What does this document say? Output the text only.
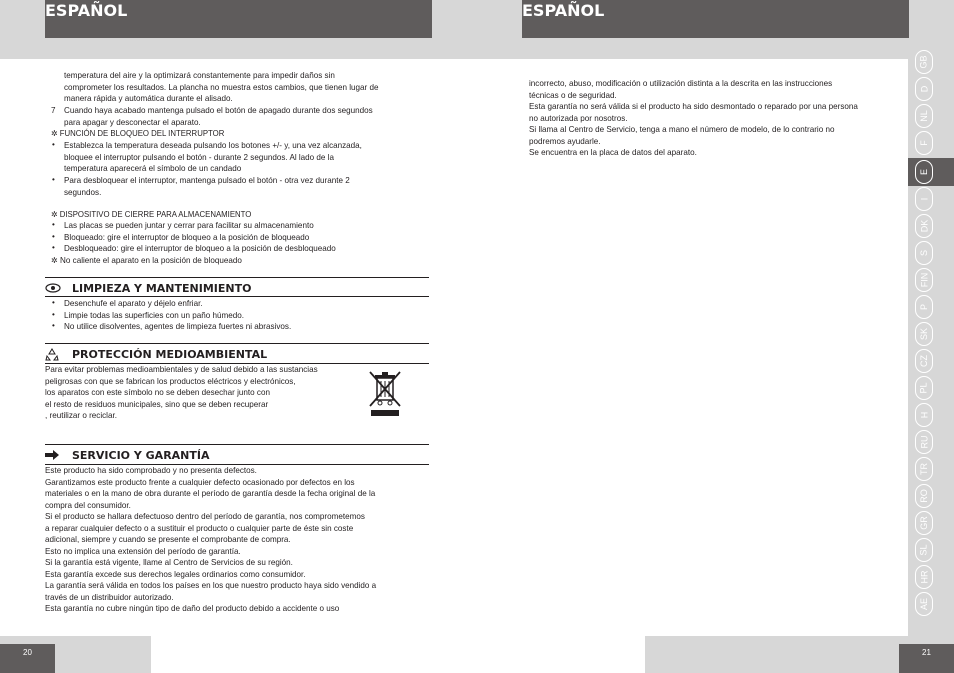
ESPAÑOL
20

temperatura del aire y la optimizará constantemente para impedir daños sin

comprometer los resultados. La plancha no muestra estos cambios, que tienen lugar de

manera rápida y automática durante el alisado.

7 Cuando haya acabado mantenga pulsado el botón de apagado durante dos segundos

para apagar y desconectar el aparato.

✲ FUNCIÓN DE BLOQUEO DEL INTERRUPTOR
• Establezca la temperatura deseada pulsando los botones +/- y, una vez alcanzada,

bloquee el interruptor pulsando el botón - durante 2 segundos. Al lado de la

temperatura aparecerá el símbolo de un candado

• Para desbloquear el interruptor, mantenga pulsado el botón - otra vez durante 2

segundos.

✲ DISPOSITIVO DE CIERRE PARA ALMACENAMIENTO
• Las placas se pueden juntar y cerrar para facilitar su almacenamiento
• Bloqueado: gire el interruptor de bloqueo a la posición de bloqueado
• Desbloqueado: gire el interruptor de bloqueo a la posición de desbloqueado
✲ No caliente el aparato en la posición de bloqueado
LIMPIEZA Y MANTENIMIENTO
• Desenchufe el aparato y déjelo enfriar.
• Limpie todas las superficies con un paño húmedo.
• No utilice disolventes, agentes de limpieza fuertes ni abrasivos.
PROTECCIÓN MEDIOAMBIENTAL

Para evitar problemas medioambientales y de salud debido a las sustancias

peligrosas con que se fabrican los productos eléctricos y electrónicos,

los aparatos con este símbolo no se deben desechar junto con

el resto de residuos municipales, sino que se deben recuperar

, reutilizar o reciclar.

SERVICIO Y GARANTÍA

Este producto ha sido comprobado y no presenta defectos.

Garantizamos este producto frente a cualquier defecto ocasionado por defectos en los

materiales o en la mano de obra durante el período de garantía desde la fecha original de la

compra del consumidor.

Si el producto se hallara defectuoso dentro del período de garantía, nos comprometemos

a reparar cualquier defecto o a sustituir el producto o cualquier parte de éste sin coste

adicional, siempre y cuando se presente el comprobante de compra.

Esto no implica una extensión del período de garantía.

Si la garantía está vigente, llame al Centro de Servicios de su región.

Esta garantía excede sus derechos legales ordinarios como consumidor.

La garantía será válida en todos los países en los que nuestro producto haya sido vendido a

través de un distribuidor autorizado.

Esta garantía no cubre ningún tipo de daño del producto debido a accidente o uso

ESPAÑOL
21

incorrecto, abuso, modificación o utilización distinta a la descrita en las instrucciones

técnicas o de seguridad.

Esta garantía no será válida si el producto ha sido desmontado o reparado por una persona

no autorizada por nosotros.

Si llama al Centro de Servicio, tenga a mano el número de modelo, de lo contrario no

podremos ayudarle.

Se encuentra en la placa de datos del aparato.

GB
D
NL
F
E
I
DK
S
FIN
P
SK
CZ
PL
H
RU
TR
RO
GR
SL
HR
AE
